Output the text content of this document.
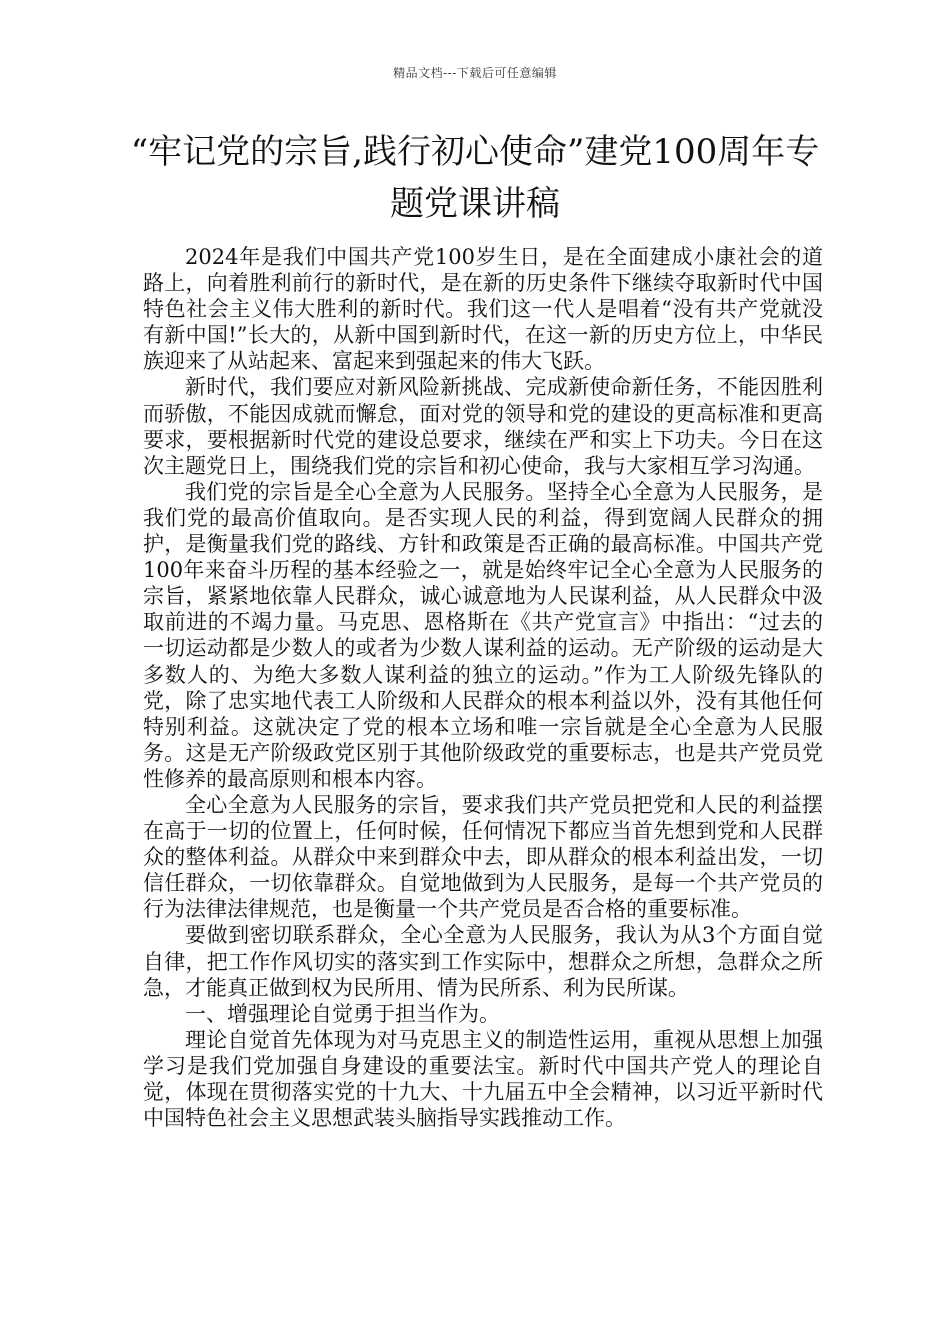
精品文档---下载后可任意编辑
“牢记党的宗旨,践行初心使命”建党100周年专题党课讲稿

2024年是我们中国共产党100岁生日，是在全面建成小康社会的道路上，向着胜利前行的新时代，是在新的历史条件下继续夺取新时代中国特色社会主义伟大胜利的新时代。我们这一代人是唱着“没有共产党就没有新中国!”长大的，从新中国到新时代，在这一新的历史方位上，中华民族迎来了从站起来、富起来到强起来的伟大飞跃。

新时代，我们要应对新风险新挑战、完成新使命新任务，不能因胜利而骄傲，不能因成就而懈怠，面对党的领导和党的建设的更高标准和更高要求，要根据新时代党的建设总要求，继续在严和实上下功夫。今日在这次主题党日上，围绕我们党的宗旨和初心使命，我与大家相互学习沟通。

我们党的宗旨是全心全意为人民服务。坚持全心全意为人民服务，是我们党的最高价值取向。是否实现人民的利益，得到宽阔人民群众的拥护，是衡量我们党的路线、方针和政策是否正确的最高标准。中国共产党100年来奋斗历程的基本经验之一，就是始终牢记全心全意为人民服务的宗旨，紧紧地依靠人民群众，诚心诚意地为人民谋利益，从人民群众中汲取前进的不竭力量。马克思、恩格斯在《共产党宣言》中指出：“过去的一切运动都是少数人的或者为少数人谋利益的运动。无产阶级的运动是大多数人的、为绝大多数人谋利益的独立的运动。”作为工人阶级先锋队的党，除了忠实地代表工人阶级和人民群众的根本利益以外，没有其他任何特别利益。这就决定了党的根本立场和唯一宗旨就是全心全意为人民服务。这是无产阶级政党区别于其他阶级政党的重要标志，也是共产党员党性修养的最高原则和根本内容。

全心全意为人民服务的宗旨，要求我们共产党员把党和人民的利益摆在高于一切的位置上，任何时候，任何情况下都应当首先想到党和人民群众的整体利益。从群众中来到群众中去，即从群众的根本利益出发，一切信任群众，一切依靠群众。自觉地做到为人民服务，是每一个共产党员的行为法律法律规范，也是衡量一个共产党员是否合格的重要标准。

要做到密切联系群众，全心全意为人民服务，我认为从3个方面自觉自律，把工作作风切实的落实到工作实际中，想群众之所想，急群众之所急，才能真正做到权为民所用、情为民所系、利为民所谋。

一、增强理论自觉勇于担当作为。

理论自觉首先体现为对马克思主义的制造性运用，重视从思想上加强学习是我们党加强自身建设的重要法宝。新时代中国共产党人的理论自觉，体现在贯彻落实党的十九大、十九届五中全会精神，以习近平新时代中国特色社会主义思想武装头脑指导实践推动工作。
